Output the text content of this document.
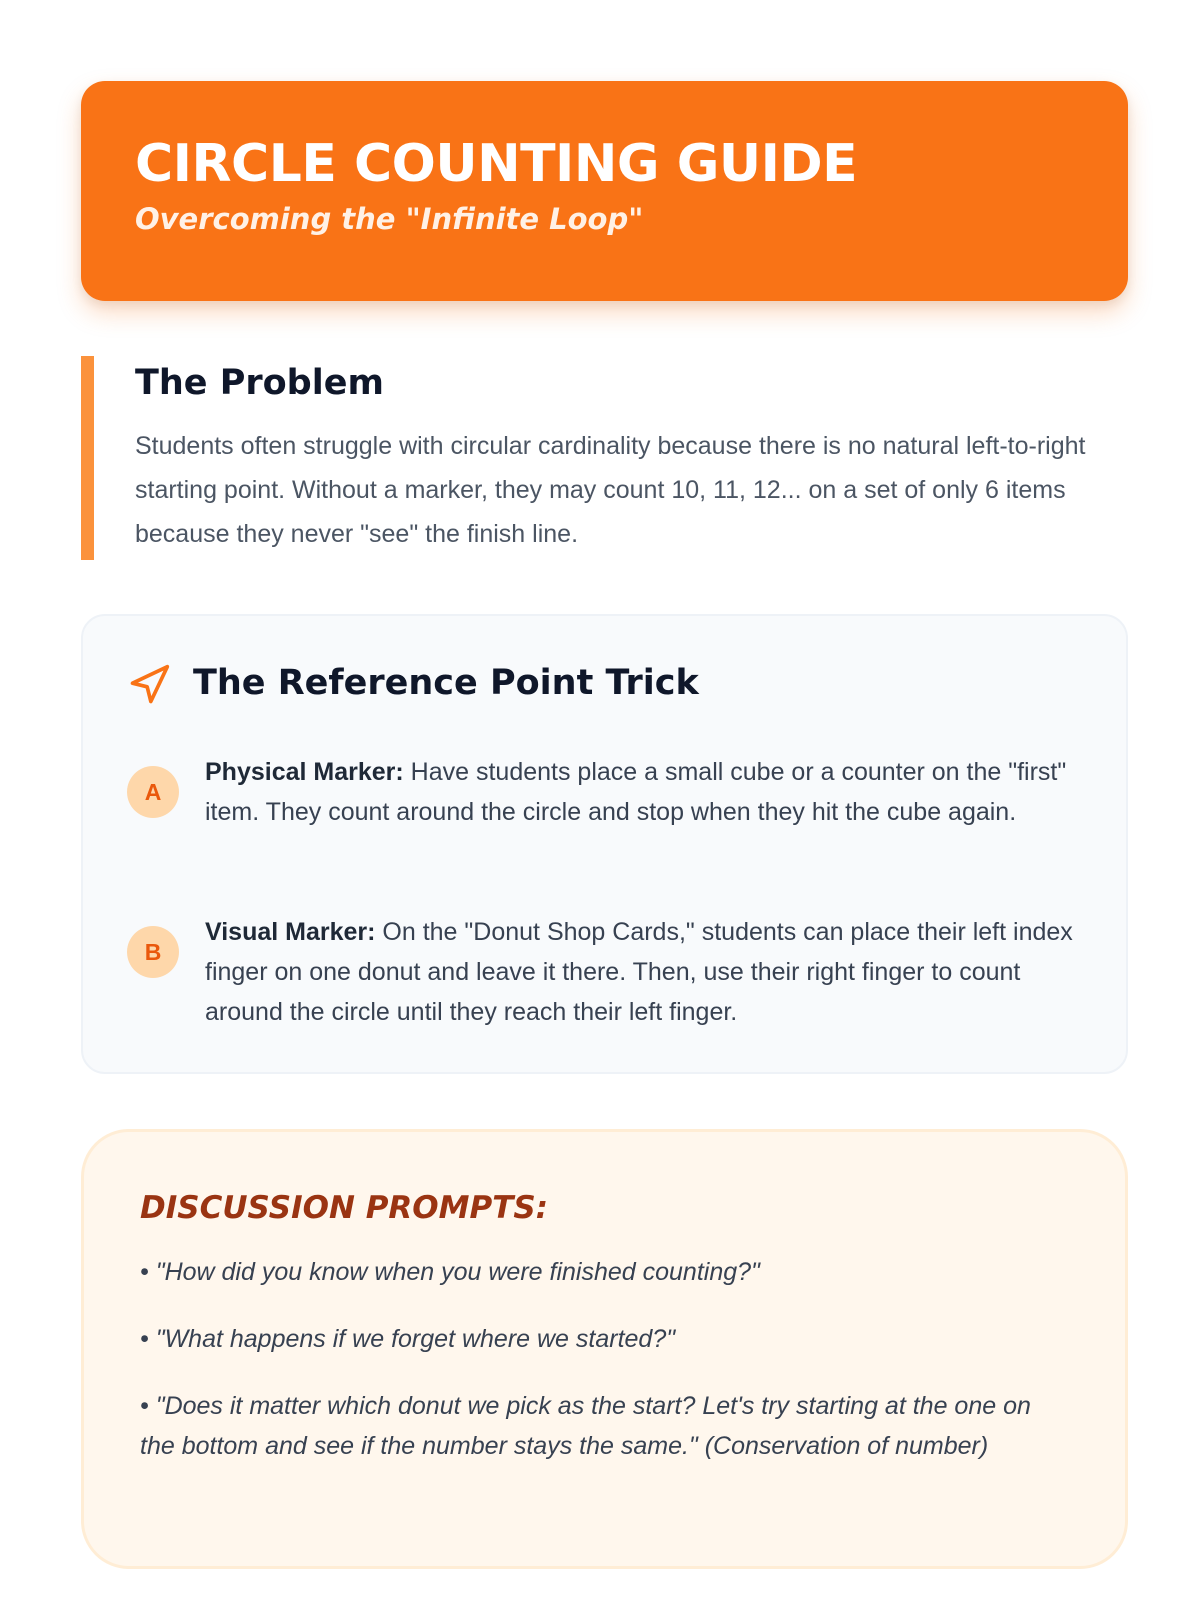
CIRCLE COUNTING GUIDE
Overcoming the "Infinite Loop"
The Problem
Students often struggle with circular cardinality because there is no natural left-to-right starting point. Without a marker, they may count 10, 11, 12... on a set of only 6 items because they never "see" the finish line.
The Reference Point Trick
A
Physical Marker: Have students place a small cube or a counter on the "first" item. They count around the circle and stop when they hit the cube again.
B
Visual Marker: On the "Donut Shop Cards," students can place their left index finger on one donut and leave it there. Then, use their right finger to count around the circle until they reach their left finger.
DISCUSSION PROMPTS:
• "How did you know when you were finished counting?"
• "What happens if we forget where we started?"
• "Does it matter which donut we pick as the start? Let's try starting at the one on the bottom and see if the number stays the same." (Conservation of number)
